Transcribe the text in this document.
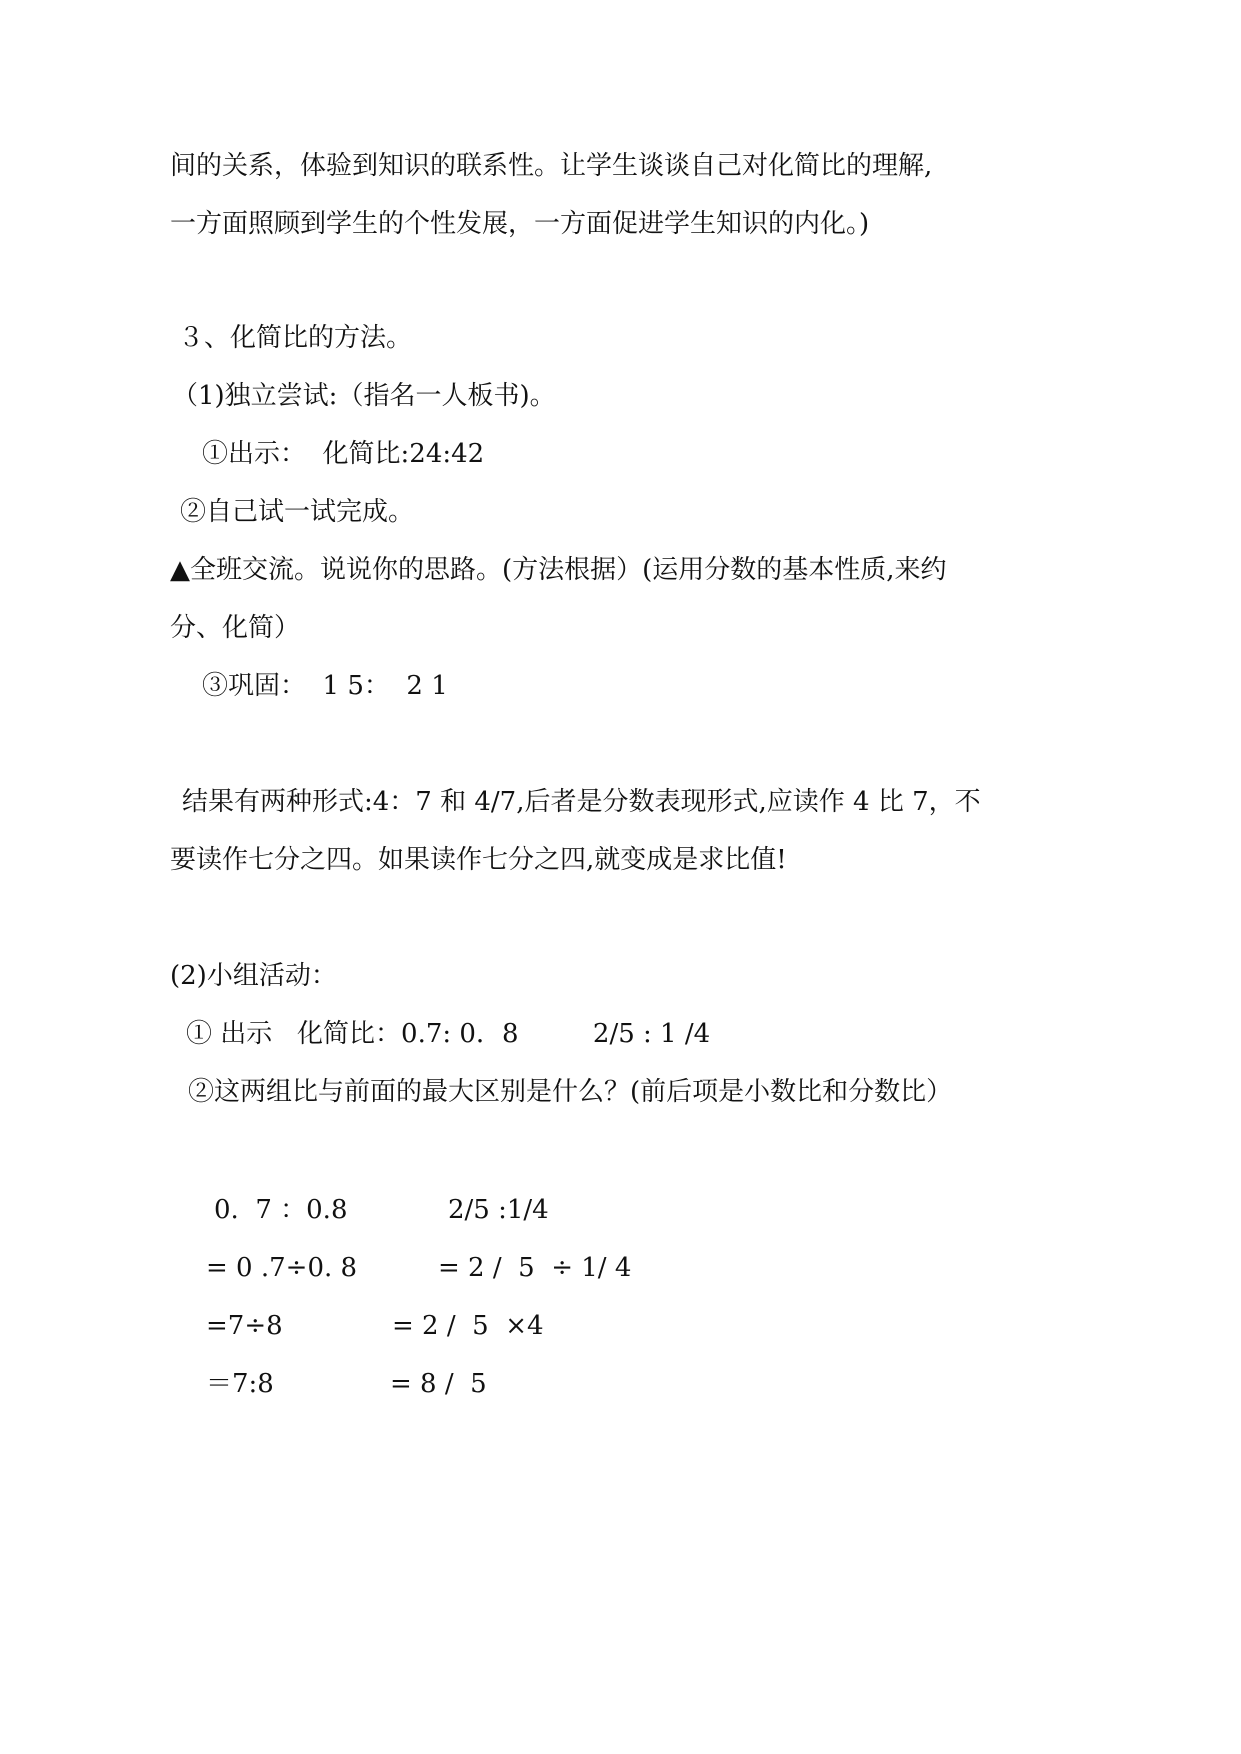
间的关系，体验到知识的联系性。让学生谈谈自己对化简比的理解,
一方面照顾到学生的个性发展，一方面促进学生知识的内化。)
３、化简比的方法。
（1)独立尝试:（指名一人板书)。
①出示：  化简比:24:42
②自己试一试完成。
▲全班交流。说说你的思路。(方法根据）(运用分数的基本性质,来约
分、化简）
③巩固：  1 5：  2 1
结果有两种形式:4：7 和 4/7,后者是分数表现形式,应读作 4 比 7，不
要读作七分之四。如果读作七分之四,就变成是求比值!
(2)小组活动：
① 出示   化简比：0.7: 0．8         2/5 : 1 /4
②这两组比与前面的最大区别是什么？(前后项是小数比和分数比）
0.  7 ：0.8
= 0 .7÷0. 8
=7÷8
＝7:8
2/5 :1/4
= 2 /  5  ÷ 1/ 4
= 2 /  5  ×4
= 8 /  5
